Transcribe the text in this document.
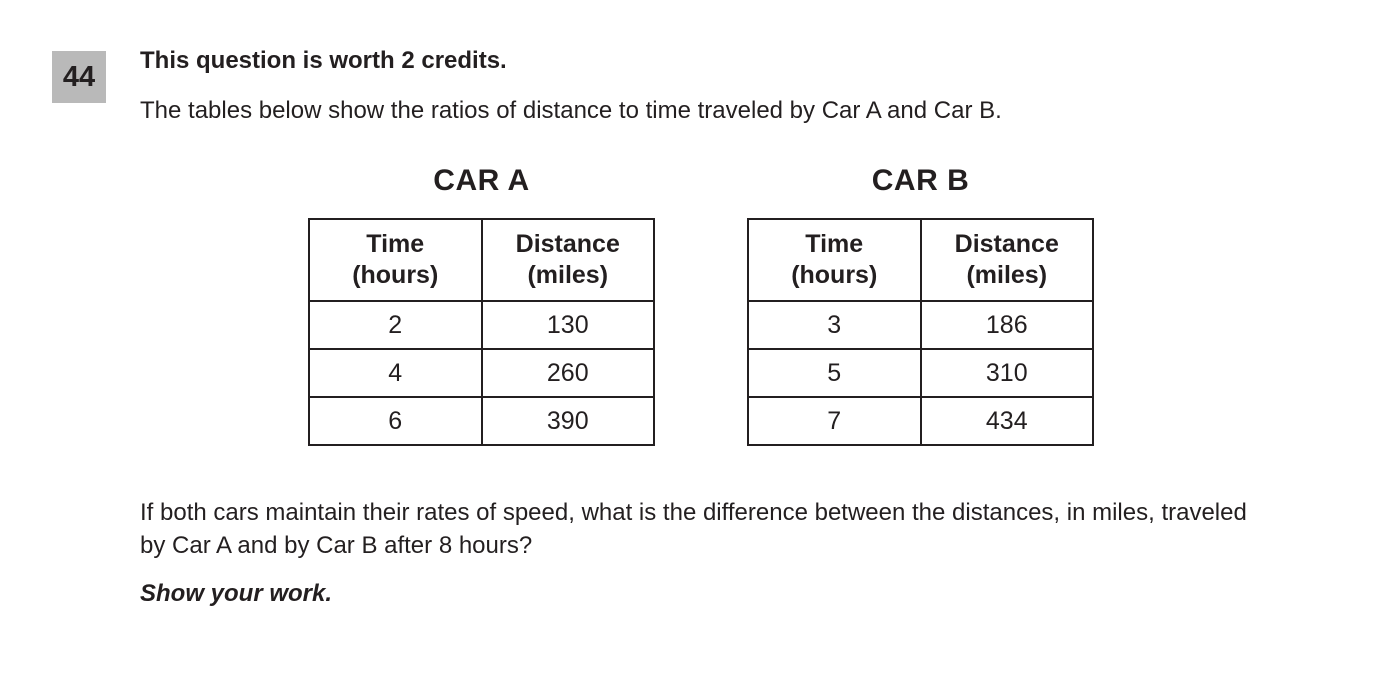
44	This question is worth 2 credits.

The tables below show the ratios of distance to time traveled by Car A and Car B.

CAR A
Time
(hours)	Distance
(miles)
2	130
4	260
6	390
CAR B
Time
(hours)	Distance
(miles)
3	186
5	310
7	434

If both cars maintain their rates of speed, what is the difference between the distances, in miles, traveled by Car A and by Car B after 8 hours?

Show your work.
